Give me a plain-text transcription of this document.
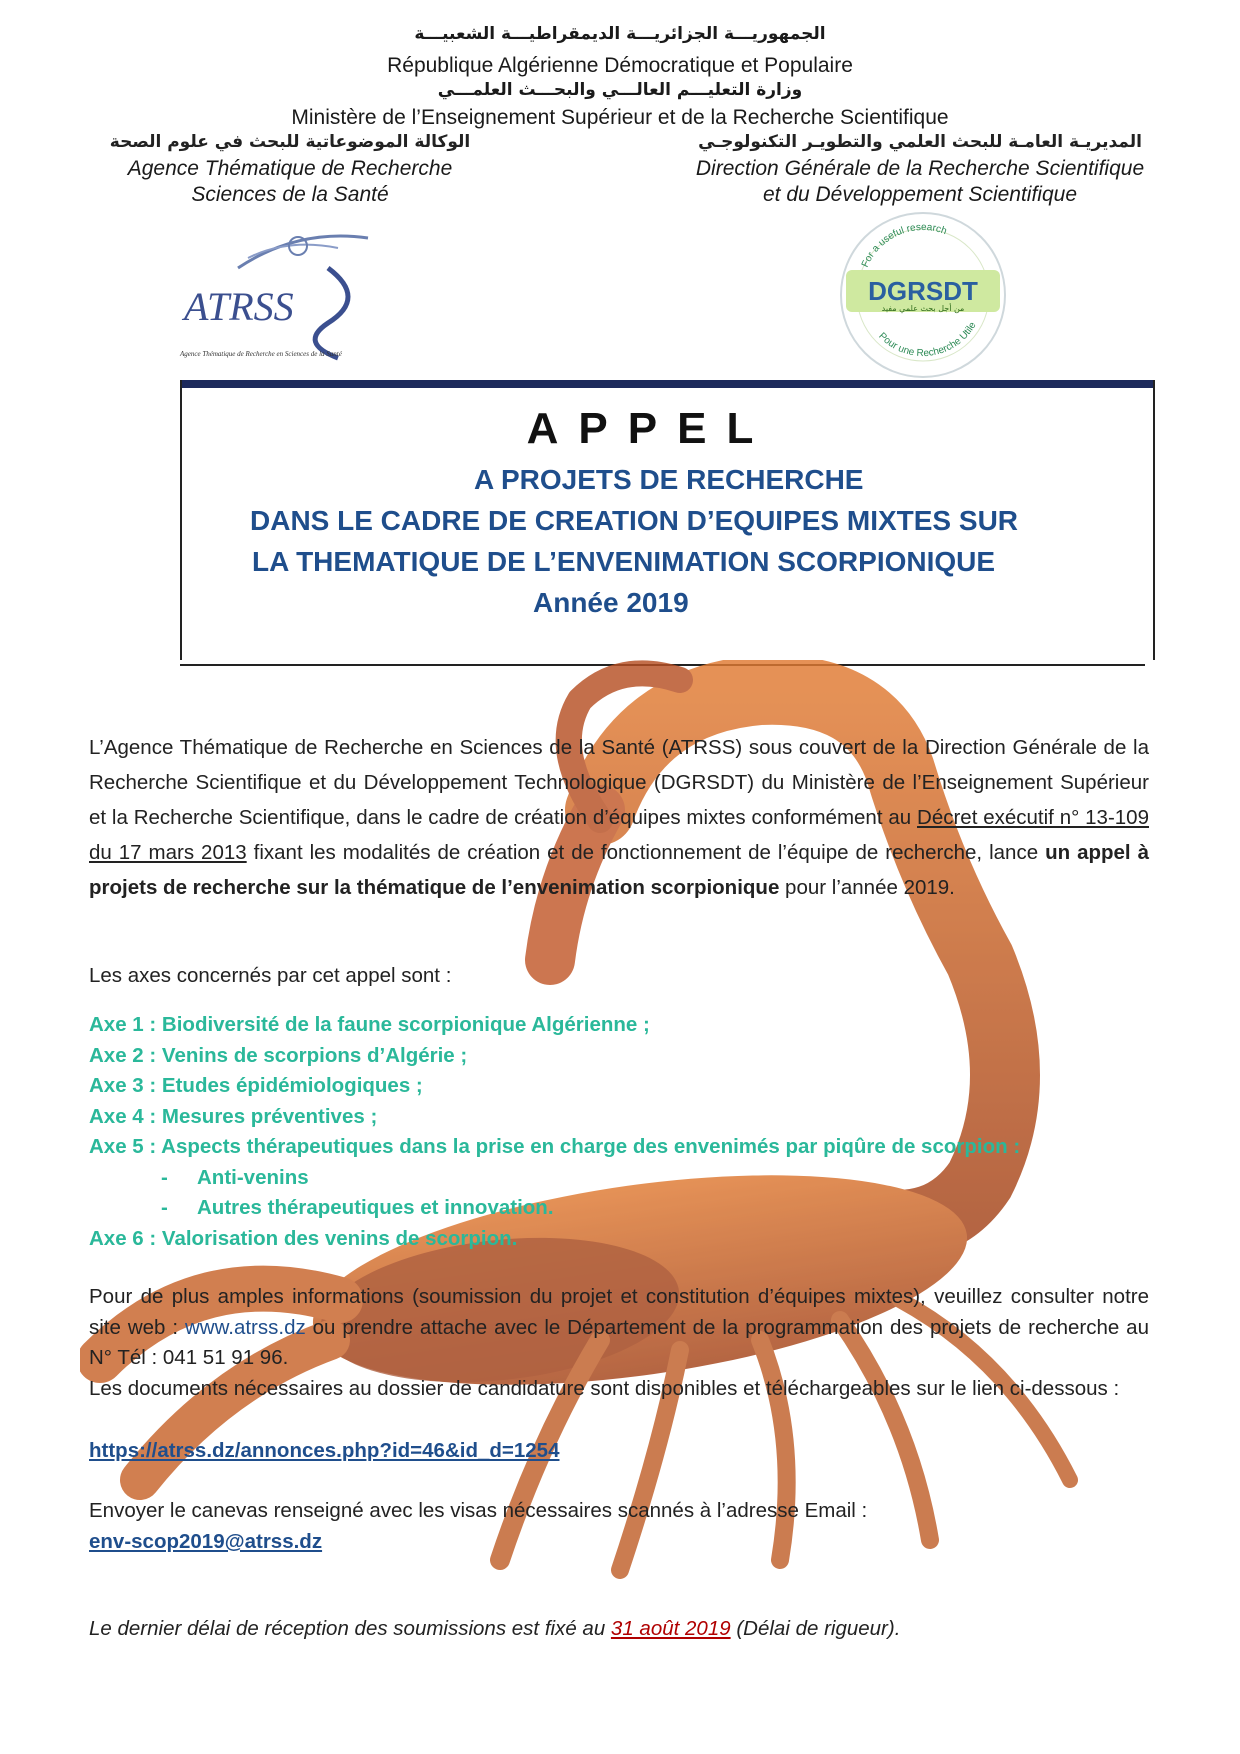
الجمهوريـــة الجزائريـــة الديمقراطيـــة الشعبيـــة
République Algérienne Démocratique et Populaire
وزارة التعليـــم العالـــي والبحـــث العلمـــي
Ministère de l’Enseignement Supérieur et de la Recherche Scientifique
الوكالة الموضوعاتية للبحث في علوم الصحة
Agence Thématique de Recherche
Sciences de la Santé
المديريـة العامـة للبحث العلمي والتطويـر التكنولوجـي
Direction Générale de la Recherche Scientifique
et du Développement Scientifique
ATRSS
Agence Thématique de Recherche en Sciences de la Santé
For a useful research
Pour une Recherche Utile
DGRSDT
من أجل بحث علمي مفيد
APPEL
A PROJETS DE RECHERCHE
DANS LE CADRE DE CREATION D’EQUIPES MIXTES SUR
LA THEMATIQUE DE L’ENVENIMATION SCORPIONIQUE
Année 2019
L’Agence Thématique de Recherche en Sciences de la Santé (ATRSS) sous couvert de la Direction Générale de la Recherche Scientifique et du Développement Technologique (DGRSDT) du Ministère de l’Enseignement Supérieur et la Recherche Scientifique, dans le cadre de création d’équipes mixtes conformément au Décret exécutif n° 13-109 du 17 mars 2013 fixant les modalités de création et de fonctionnement de l’équipe de recherche, lance un appel à projets de recherche sur la thématique de l’envenimation scorpionique pour l’année 2019.
Les axes concernés par cet appel sont :
Axe 1 : Biodiversité de la faune scorpionique Algérienne ;
Axe 2 : Venins de scorpions d’Algérie ;
Axe 3 : Etudes épidémiologiques ;
Axe 4 : Mesures préventives ;
Axe 5 : Aspects thérapeutiques dans la prise en charge des envenimés par piqûre de scorpion :
- Anti-venins
- Autres thérapeutiques et innovation.
Axe 6 : Valorisation des venins de scorpion.
Pour de plus amples informations (soumission du projet et constitution d’équipes mixtes), veuillez consulter notre site web : www.atrss.dz ou prendre attache avec le Département de la programmation des projets de recherche au N° Tél : 041 51 91 96.
Les documents nécessaires au dossier de candidature sont disponibles et téléchargeables sur le lien ci-dessous :
https://atrss.dz/annonces.php?id=46&id_d=1254
Envoyer le canevas renseigné avec les visas nécessaires scannés à l’adresse Email :
env-scop2019@atrss.dz
Le dernier délai de réception des soumissions est fixé au 31 août 2019 (Délai de rigueur).
